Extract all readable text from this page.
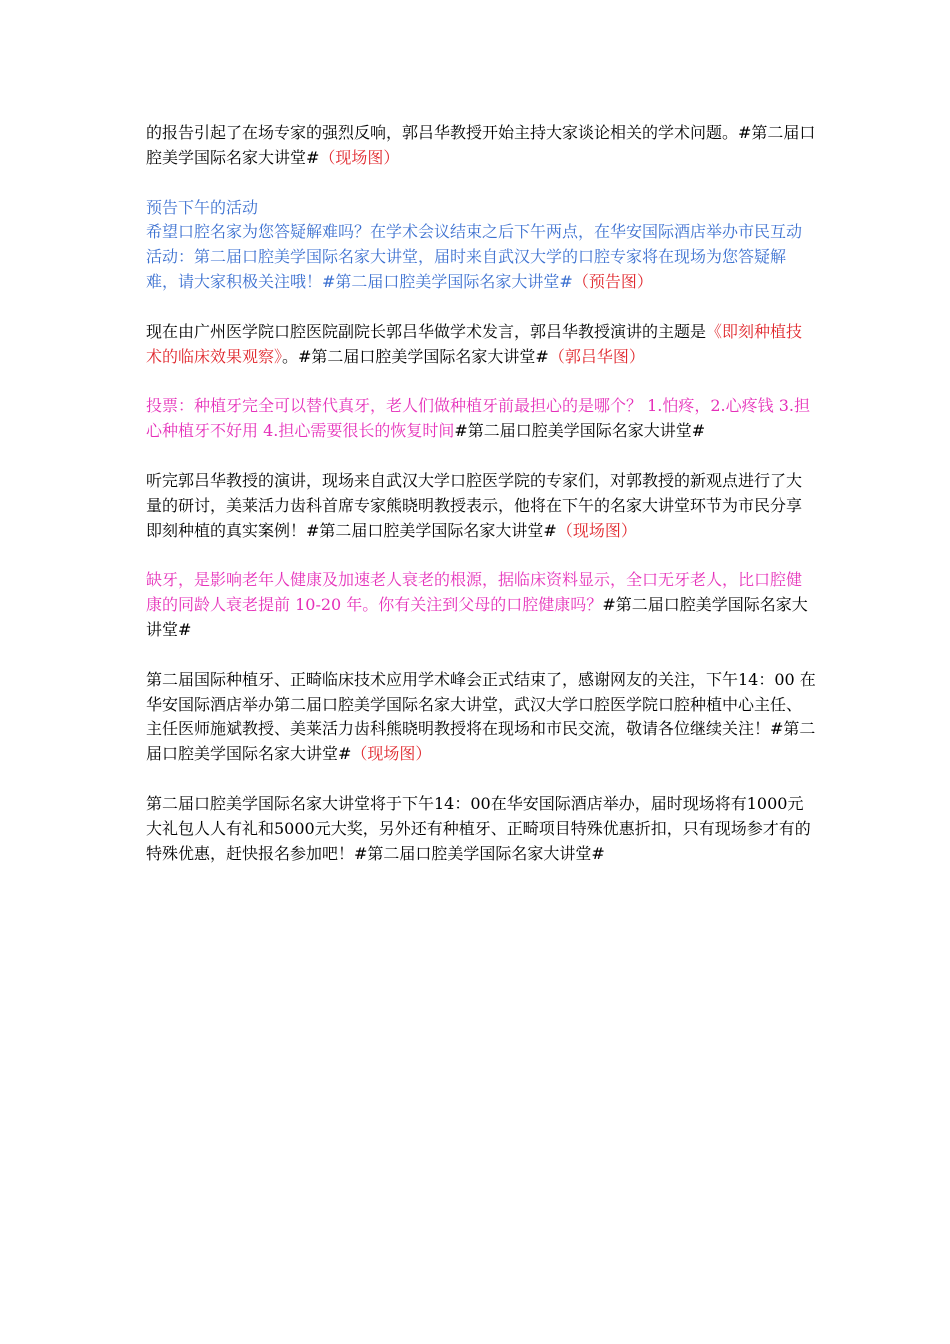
的报告引起了在场专家的强烈反响，郭吕华教授开始主持大家谈论相关的学术问题。#第二届口腔美学国际名家大讲堂#（现场图）

预告下午的活动
希望口腔名家为您答疑解难吗？在学术会议结束之后下午两点，在华安国际酒店举办市民互动活动：第二届口腔美学国际名家大讲堂，届时来自武汉大学的口腔专家将在现场为您答疑解难，请大家积极关注哦！#第二届口腔美学国际名家大讲堂#（预告图）

现在由广州医学院口腔医院副院长郭吕华做学术发言，郭吕华教授演讲的主题是《即刻种植技术的临床效果观察》。#第二届口腔美学国际名家大讲堂#（郭吕华图）

投票：种植牙完全可以替代真牙，老人们做种植牙前最担心的是哪个？ 1.怕疼，2.心疼钱 3.担心种植牙不好用 4.担心需要很长的恢复时间#第二届口腔美学国际名家大讲堂#

听完郭吕华教授的演讲，现场来自武汉大学口腔医学院的专家们，对郭教授的新观点进行了大量的研讨，美莱活力齿科首席专家熊晓明教授表示，他将在下午的名家大讲堂环节为市民分享即刻种植的真实案例！#第二届口腔美学国际名家大讲堂#（现场图）

缺牙，是影响老年人健康及加速老人衰老的根源，据临床资料显示，全口无牙老人，比口腔健康的同龄人衰老提前 10-20 年。你有关注到父母的口腔健康吗？#第二届口腔美学国际名家大讲堂#

第二届国际种植牙、正畸临床技术应用学术峰会正式结束了，感谢网友的关注，下午14：00 在华安国际酒店举办第二届口腔美学国际名家大讲堂，武汉大学口腔医学院口腔种植中心主任、主任医师施斌教授、美莱活力齿科熊晓明教授将在现场和市民交流，敬请各位继续关注！#第二届口腔美学国际名家大讲堂#（现场图）

第二届口腔美学国际名家大讲堂将于下午14：00在华安国际酒店举办，届时现场将有1000元大礼包人人有礼和5000元大奖，另外还有种植牙、正畸项目特殊优惠折扣，只有现场参才有的特殊优惠，赶快报名参加吧！#第二届口腔美学国际名家大讲堂#
